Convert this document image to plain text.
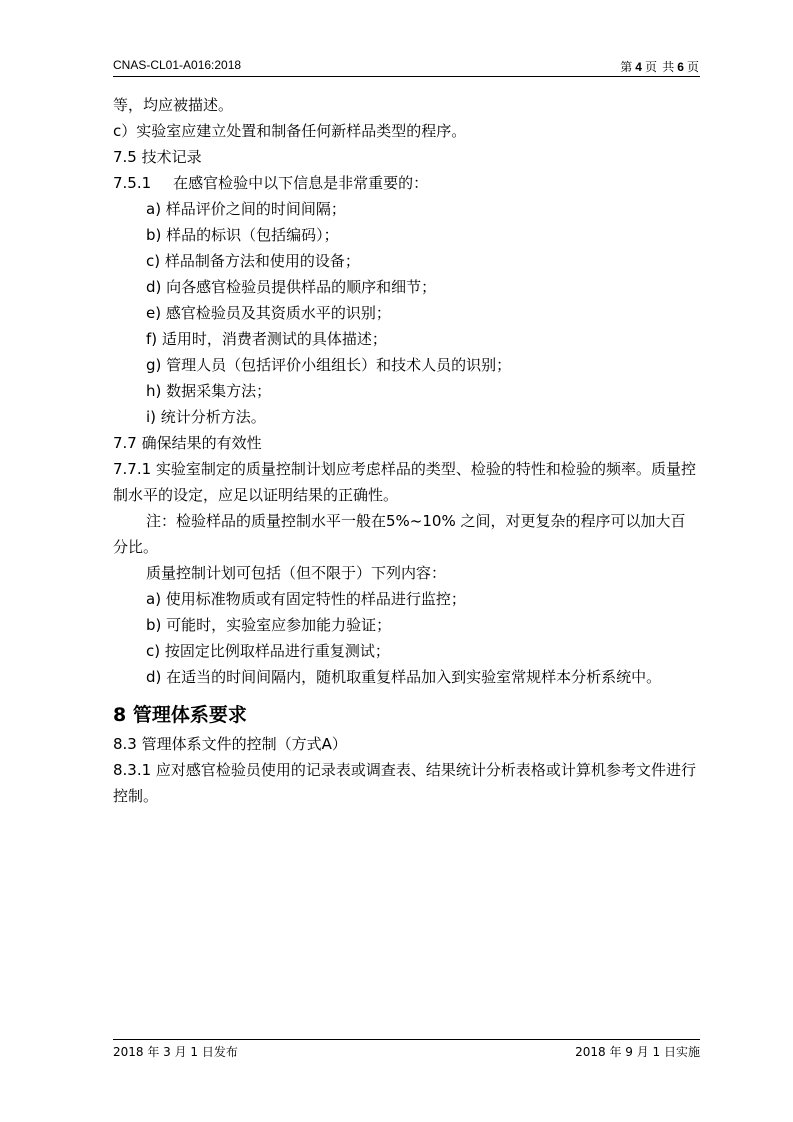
CNAS-CL01-A016:2018	第 4 页 共 6 页

等，均应被描述。

c）实验室应建立处置和制备任何新样品类型的程序。

7.5 技术记录

7.5.1 在感官检验中以下信息是非常重要的：

a) 样品评价之间的时间间隔；

b) 样品的标识（包括编码）；

c) 样品制备方法和使用的设备；

d) 向各感官检验员提供样品的顺序和细节；

e) 感官检验员及其资质水平的识别；

f) 适用时，消费者测试的具体描述；

g) 管理人员（包括评价小组组长）和技术人员的识别；

h) 数据采集方法；

i) 统计分析方法。

7.7 确保结果的有效性

7.7.1 实验室制定的质量控制计划应考虑样品的类型、检验的特性和检验的频率。质量控制水平的设定，应足以证明结果的正确性。

注：检验样品的质量控制水平一般在5%~10% 之间，对更复杂的程序可以加大百分比。

质量控制计划可包括（但不限于）下列内容：

a) 使用标准物质或有固定特性的样品进行监控；

b) 可能时，实验室应参加能力验证；

c) 按固定比例取样品进行重复测试；

d) 在适当的时间间隔内，随机取重复样品加入到实验室常规样本分析系统中。

8 管理体系要求

8.3 管理体系文件的控制（方式A）

8.3.1 应对感官检验员使用的记录表或调查表、结果统计分析表格或计算机参考文件进行控制。

2018 年 3 月 1 日发布	2018 年 9 月 1 日实施
